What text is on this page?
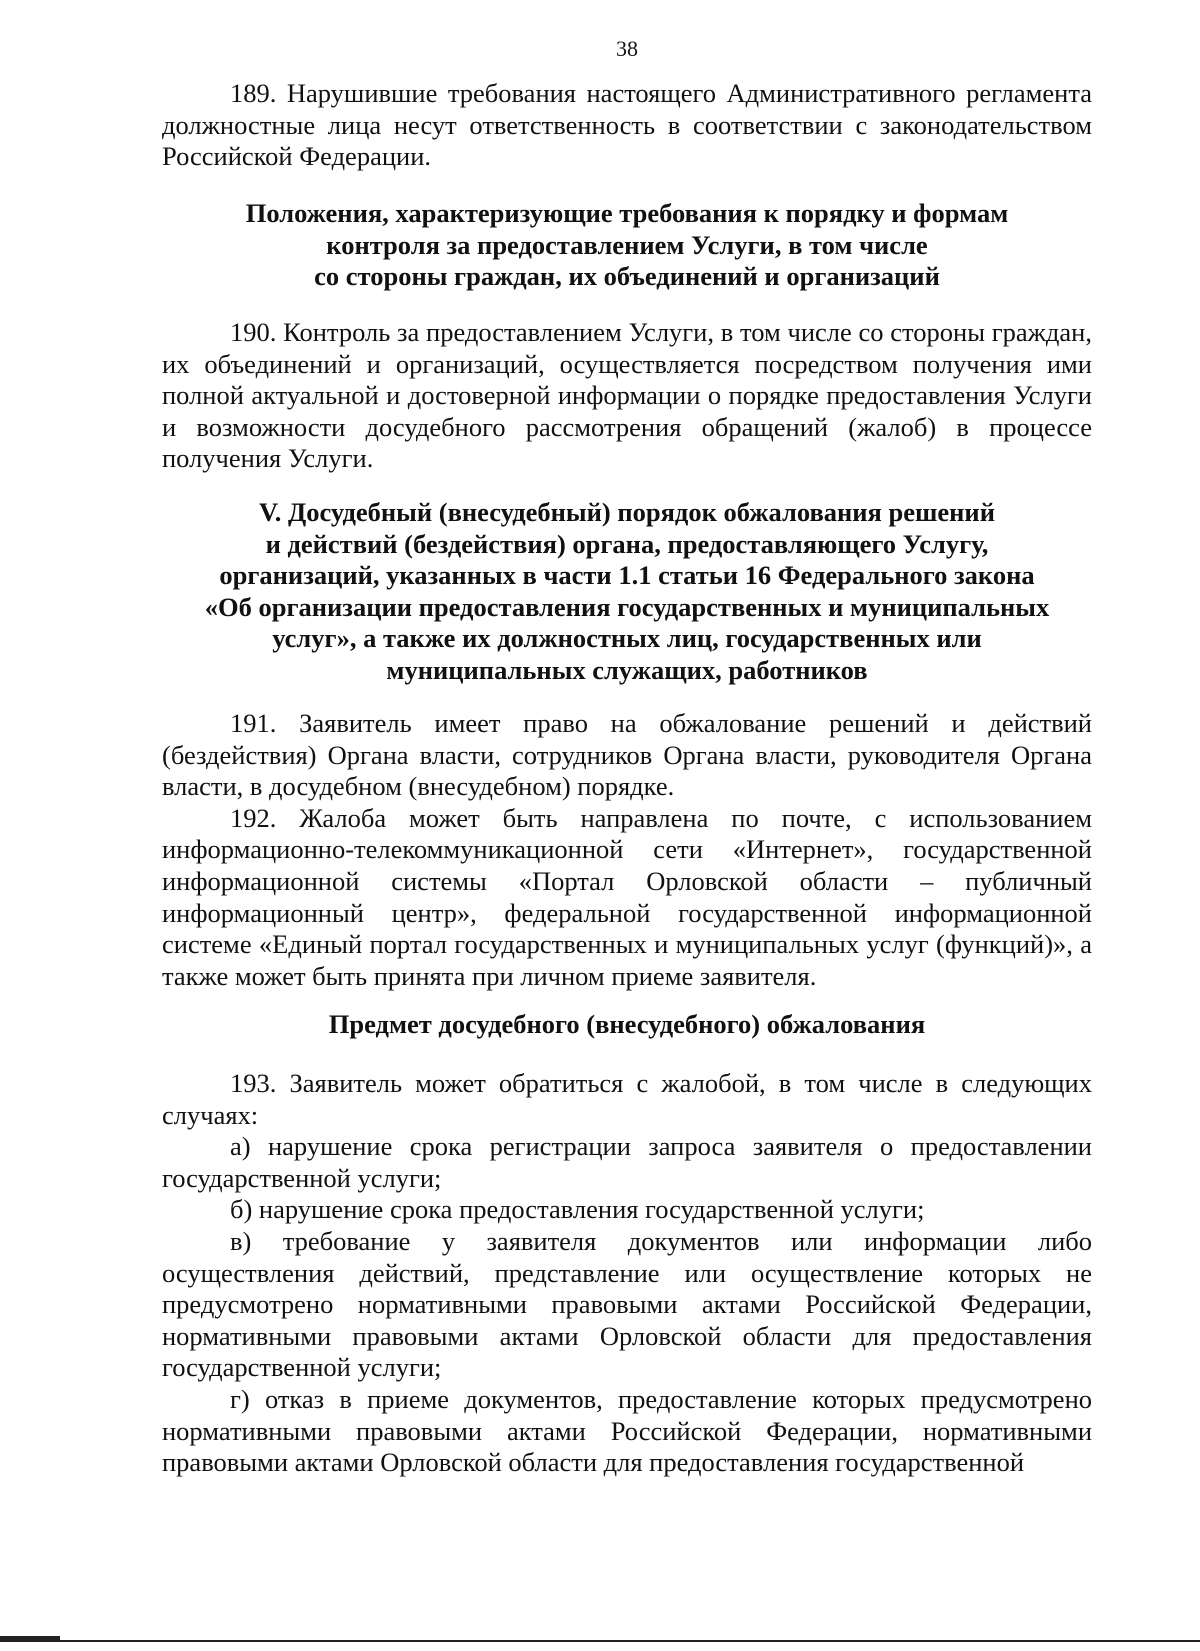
38

189. Нарушившие требования настоящего Административного регламента должностные лица несут ответственность в соответствии с законодательством Российской Федерации.

Положения, характеризующие требования к порядку и формам

контроля за предоставлением Услуги, в том числе

со стороны граждан, их объединений и организаций

190. Контроль за предоставлением Услуги, в том числе со стороны граждан, их объединений и организаций, осуществляется посредством получения ими полной актуальной и достоверной информации о порядке предоставления Услуги и возможности досудебного рассмотрения обращений (жалоб) в процессе получения Услуги.

V. Досудебный (внесудебный) порядок обжалования решений

и действий (бездействия) органа, предоставляющего Услугу,

организаций, указанных в части 1.1 статьи 16 Федерального закона

«Об организации предоставления государственных и муниципальных

услуг», а также их должностных лиц, государственных или

муниципальных служащих, работников

191. Заявитель имеет право на обжалование решений и действий (бездействия) Органа власти, сотрудников Органа власти, руководителя Органа власти, в досудебном (внесудебном) порядке.

192. Жалоба может быть направлена по почте, с использованием информационно-телекоммуникационной сети «Интернет», государственной информационной системы «Портал Орловской области – публичный информационный центр», федеральной государственной информационной системе «Единый портал государственных и муниципальных услуг (функций)», а также может быть принята при личном приеме заявителя.

Предмет досудебного (внесудебного) обжалования

193. Заявитель может обратиться с жалобой, в том числе в следующих случаях:

а) нарушение срока регистрации запроса заявителя о предоставлении государственной услуги;

б) нарушение срока предоставления государственной услуги;

в) требование у заявителя документов или информации либо осуществления действий, представление или осуществление которых не предусмотрено нормативными правовыми актами Российской Федерации, нормативными правовыми актами Орловской области для предоставления государственной услуги;

г) отказ в приеме документов, предоставление которых предусмотрено нормативными правовыми актами Российской Федерации, нормативными правовыми актами Орловской области для предоставления государственной
